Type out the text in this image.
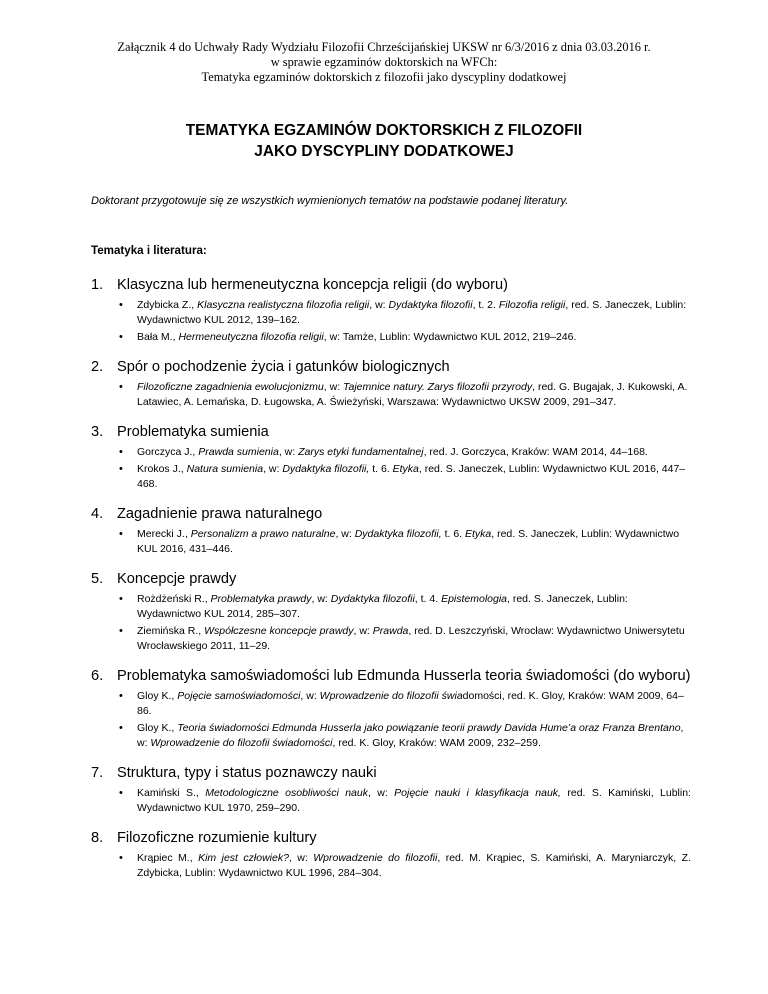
Załącznik 4 do Uchwały Rady Wydziału Filozofii Chrześcijańskiej UKSW nr 6/3/2016 z dnia 03.03.2016 r.
w sprawie egzaminów doktorskich na WFCh:
Tematyka egzaminów doktorskich z filozofii jako dyscypliny dodatkowej
TEMATYKA EGZAMINÓW DOKTORSKICH Z FILOZOFII
JAKO DYSCYPLINY DODATKOWEJ
Doktorant przygotowuje się ze wszystkich wymienionych tematów na podstawie podanej literatury.
Tematyka i literatura:
1. Klasyczna lub hermeneutyczna koncepcja religii (do wyboru)
• Zdybicka Z., Klasyczna realistyczna filozofia religii, w: Dydaktyka filozofii, t. 2. Filozofia religii, red. S. Janeczek, Lublin: Wydawnictwo KUL 2012, 139–162.
• Bała M., Hermeneutyczna filozofia religii, w: Tamże, Lublin: Wydawnictwo KUL 2012, 219–246.
2. Spór o pochodzenie życia i gatunków biologicznych
• Filozoficzne zagadnienia ewolucjonizmu, w: Tajemnice natury. Zarys filozofii przyrody, red. G. Bugajak, J. Kukowski, A. Latawiec, A. Lemańska, D. Ługowska, A. Świeżyński, Warszawa: Wydawnictwo UKSW 2009, 291–347.
3. Problematyka sumienia
• Gorczyca J., Prawda sumienia, w: Zarys etyki fundamentalnej, red. J. Gorczyca, Kraków: WAM 2014, 44–168.
• Krokos J., Natura sumienia, w: Dydaktyka filozofii, t. 6. Etyka, red. S. Janeczek, Lublin: Wydawnictwo KUL 2016, 447–468.
4. Zagadnienie prawa naturalnego
• Merecki J., Personalizm a prawo naturalne, w: Dydaktyka filozofii, t. 6. Etyka, red. S. Janeczek, Lublin: Wydawnictwo KUL 2016, 431–446.
5. Koncepcje prawdy
• Rożdżeński R., Problematyka prawdy, w: Dydaktyka filozofii, t. 4. Epistemologia, red. S. Janeczek, Lublin: Wydawnictwo KUL 2014, 285–307.
• Ziemińska R., Współczesne koncepcje prawdy, w: Prawda, red. D. Leszczyński, Wrocław: Wydawnictwo Uniwersytetu Wrocławskiego 2011, 11–29.
6. Problematyka samoświadomości lub Edmunda Husserla teoria świadomości (do wyboru)
• Gloy K., Pojęcie samoświadomości, w: Wprowadzenie do filozofii świadomości, red. K. Gloy, Kraków: WAM 2009, 64–86.
• Gloy K., Teoria świadomości Edmunda Husserla jako powiązanie teorii prawdy Davida Hume’a oraz Franza Brentano, w: Wprowadzenie do filozofii świadomości, red. K. Gloy, Kraków: WAM 2009, 232–259.
7. Struktura, typy i status poznawczy nauki
• Kamiński S., Metodologiczne osobliwości nauk, w: Pojęcie nauki i klasyfikacja nauk, red. S. Kamiński, Lublin: Wydawnictwo KUL 1970, 259–290.
8. Filozoficzne rozumienie kultury
• Krąpiec M., Kim jest człowiek?, w: Wprowadzenie do filozofii, red. M. Krąpiec, S. Kamiński, A. Maryniarczyk, Z. Zdybicka, Lublin: Wydawnictwo KUL 1996, 284–304.
